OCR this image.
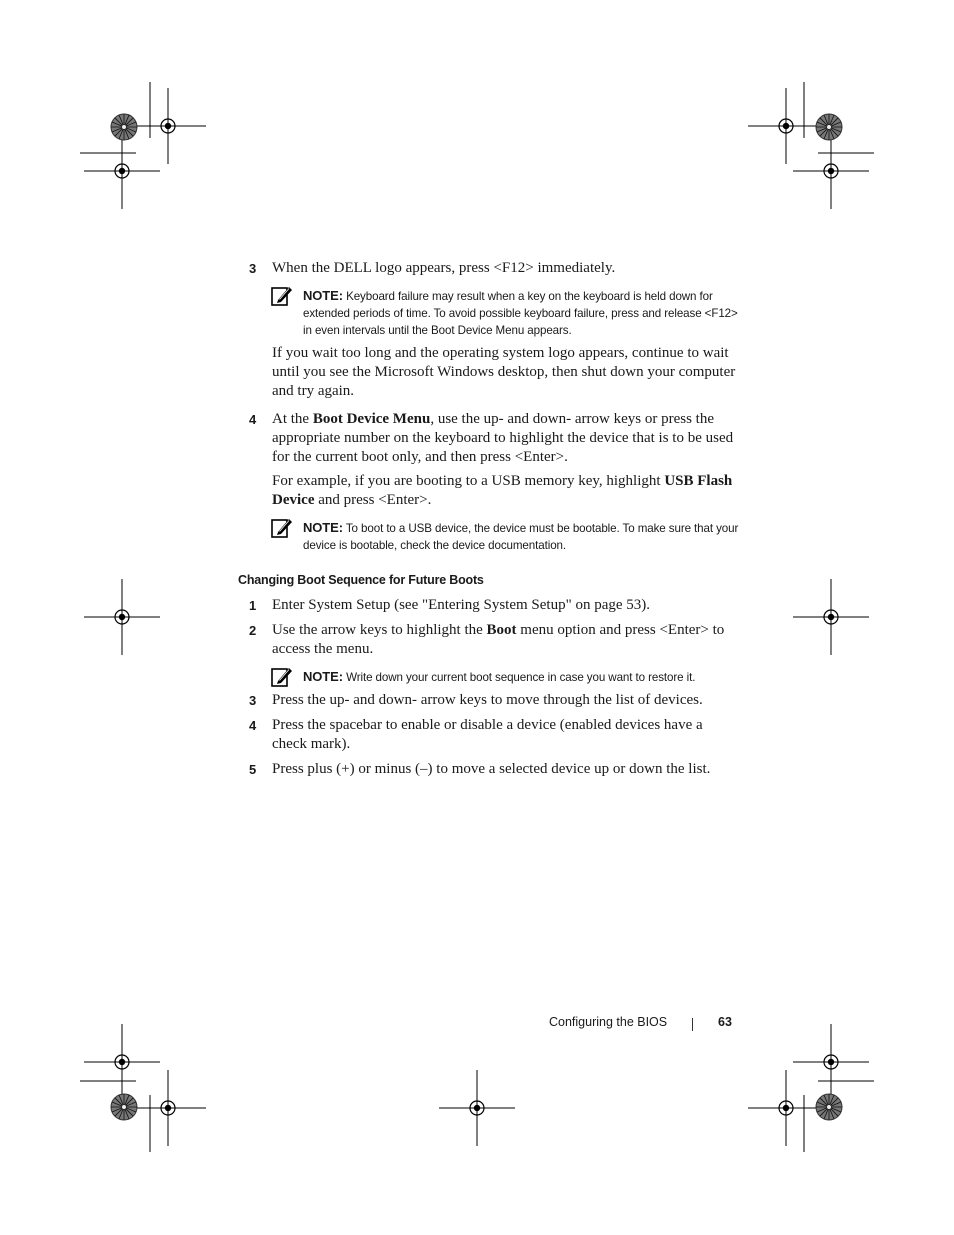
3 When the DELL logo appears, press <F12> immediately.
NOTE: Keyboard failure may result when a key on the keyboard is held down for extended periods of time. To avoid possible keyboard failure, press and release <F12> in even intervals until the Boot Device Menu appears.
If you wait too long and the operating system logo appears, continue to wait until you see the Microsoft Windows desktop, then shut down your computer and try again.
4 At the Boot Device Menu, use the up- and down- arrow keys or press the appropriate number on the keyboard to highlight the device that is to be used for the current boot only, and then press <Enter>.
For example, if you are booting to a USB memory key, highlight USB Flash Device and press <Enter>.
NOTE: To boot to a USB device, the device must be bootable. To make sure that your device is bootable, check the device documentation.
Changing Boot Sequence for Future Boots
1 Enter System Setup (see "Entering System Setup" on page 53).
2 Use the arrow keys to highlight the Boot menu option and press <Enter> to access the menu.
NOTE: Write down your current boot sequence in case you want to restore it.
3 Press the up- and down- arrow keys to move through the list of devices.
4 Press the spacebar to enable or disable a device (enabled devices have a check mark).
5 Press plus (+) or minus (–) to move a selected device up or down the list.
Configuring the BIOS	63
